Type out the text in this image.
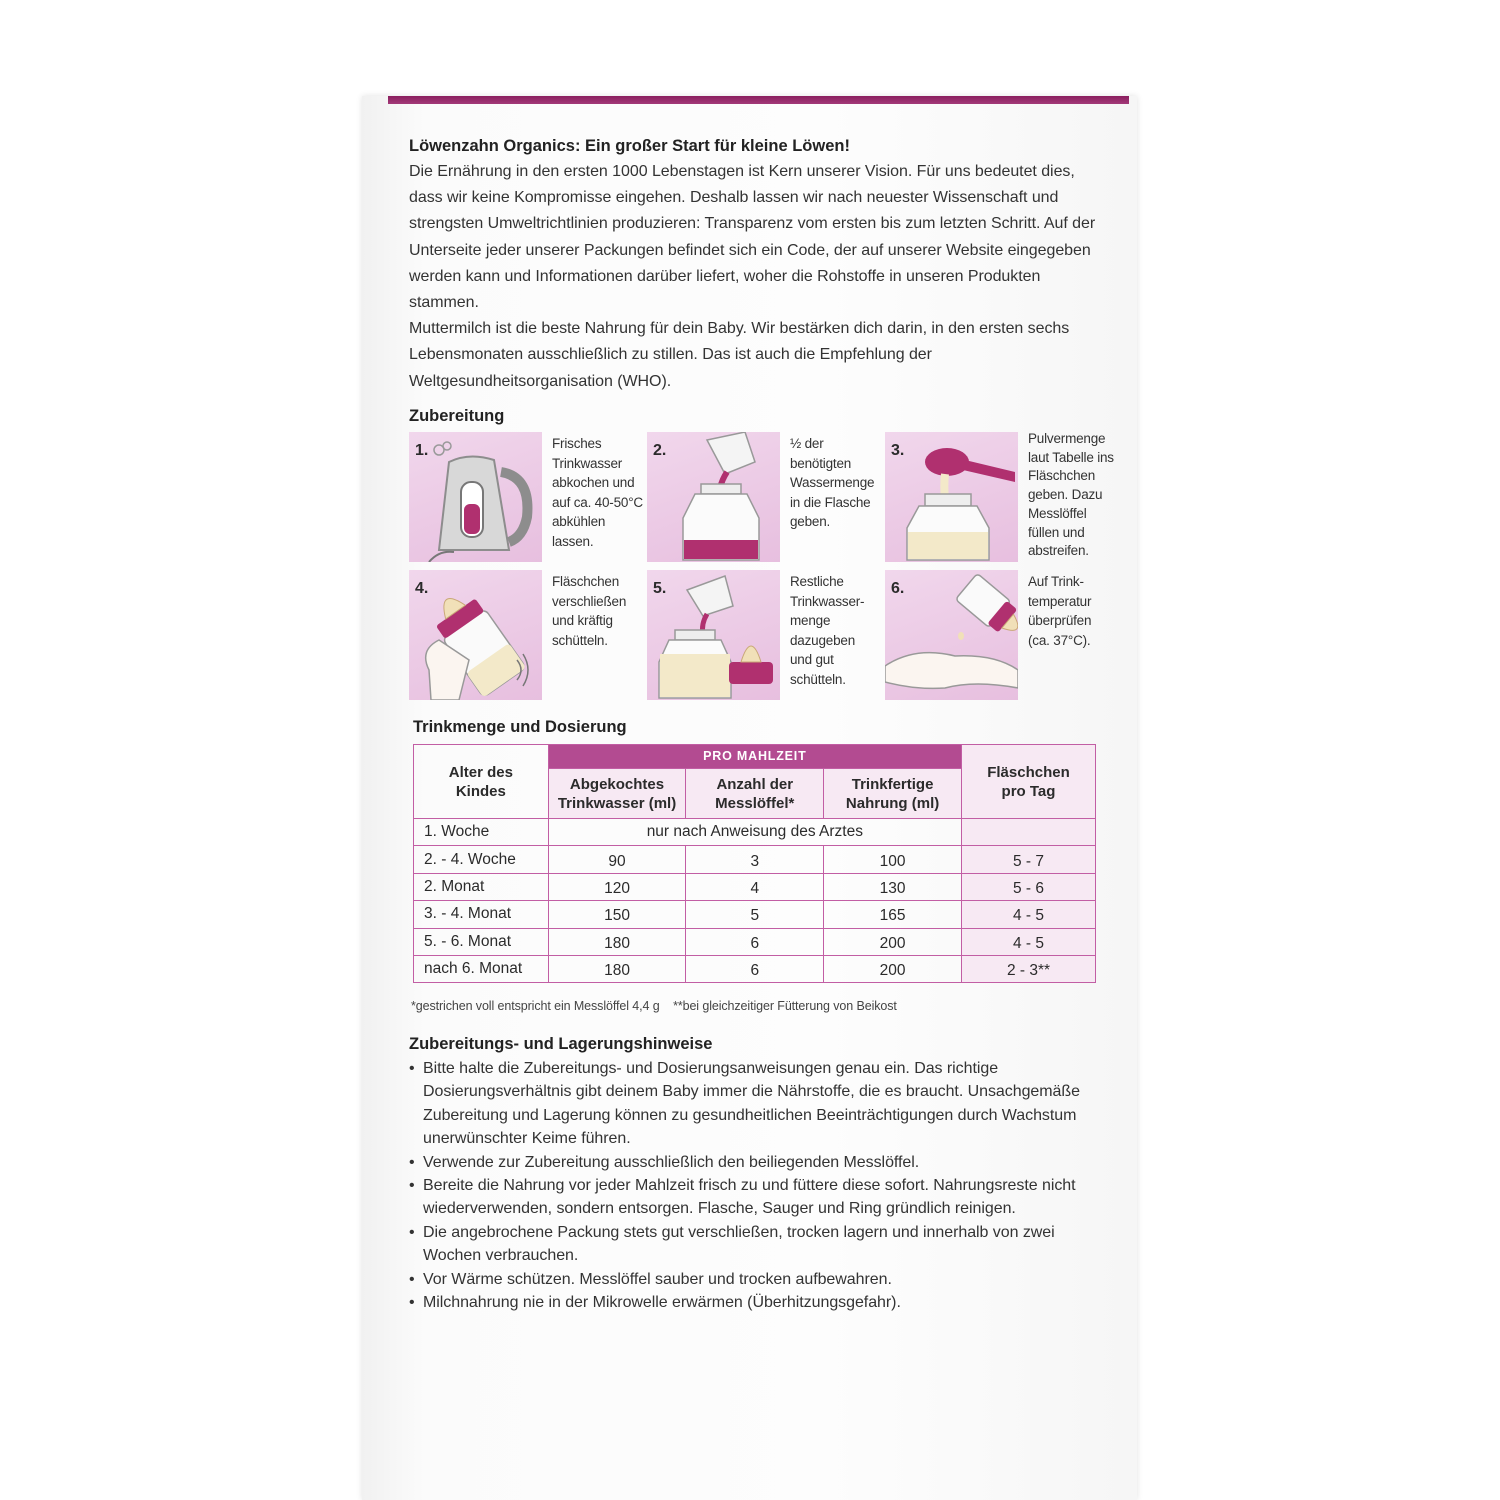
Löwenzahn Organics: Ein großer Start für kleine Löwen!

Die Ernährung in den ersten 1000 Lebenstagen ist Kern unserer Vision. Für uns bedeutet dies,

dass wir keine Kompromisse eingehen. Deshalb lassen wir nach neuester Wissenschaft und

strengsten Umweltrichtlinien produzieren: Transparenz vom ersten bis zum letzten Schritt. Auf der

Unterseite jeder unserer Packungen befindet sich ein Code, der auf unserer Website eingegeben

werden kann und Informationen darüber liefert, woher die Rohstoffe in unseren Produkten

stammen.

Muttermilch ist die beste Nahrung für dein Baby. Wir bestärken dich darin, in den ersten sechs

Lebensmonaten ausschließlich zu stillen. Das ist auch die Empfehlung der

Weltgesundheitsorganisation (WHO).

Zubereitung
1.	Frisches
Trinkwasser
abkochen und
auf ca. 40-50°C
abkühlen
lassen.
2.	½ der
benötigten
Wassermenge
in die Flasche
geben.
3.
Pulvermenge
laut Tabelle ins
Fläschchen
geben. Dazu
Messlöffel
füllen und
abstreifen.
4.	Fläschchen
verschließen
und kräftig
schütteln.
5.	Restliche
Trinkwasser-
menge
dazugeben
und gut
schütteln.
6.	Auf Trink-
temperatur
überprüfen
(ca. 37°C).
Trinkmenge und Dosierung
Alter des Kindes	PRO MAHLZEIT			Fläschchen pro Tag
	Abgekochtes Trinkwasser (ml)	Anzahl der Messlöffel*	Trinkfertige Nahrung (ml)	
1. Woche	nur nach Anweisung des Arztes			
2. - 4. Woche	90	3	100	5 - 7
2. Monat	120	4	130	5 - 6
3. - 4. Monat	150	5	165	4 - 5
5. - 6. Monat	180	6	200	4 - 5
nach 6. Monat	180	6	200	2 - 3**
*gestrichen voll entspricht ein Messlöffel 4,4 g    **bei gleichzeitiger Fütterung von Beikost
Zubereitungs- und Lagerungshinweise
• Bitte halte die Zubereitungs- und Dosierungsanweisungen genau ein. Das richtige
Dosierungsverhältnis gibt deinem Baby immer die Nährstoffe, die es braucht. Unsachgemäße
Zubereitung und Lagerung können zu gesundheitlichen Beeinträchtigungen durch Wachstum
unerwünschter Keime führen.
• Verwende zur Zubereitung ausschließlich den beiliegenden Messlöffel.
• Bereite die Nahrung vor jeder Mahlzeit frisch zu und füttere diese sofort. Nahrungsreste nicht
wiederverwenden, sondern entsorgen. Flasche, Sauger und Ring gründlich reinigen.
• Die angebrochene Packung stets gut verschließen, trocken lagern und innerhalb von zwei
Wochen verbrauchen.
• Vor Wärme schützen. Messlöffel sauber und trocken aufbewahren.
• Milchnahrung nie in der Mikrowelle erwärmen (Überhitzungsgefahr).
